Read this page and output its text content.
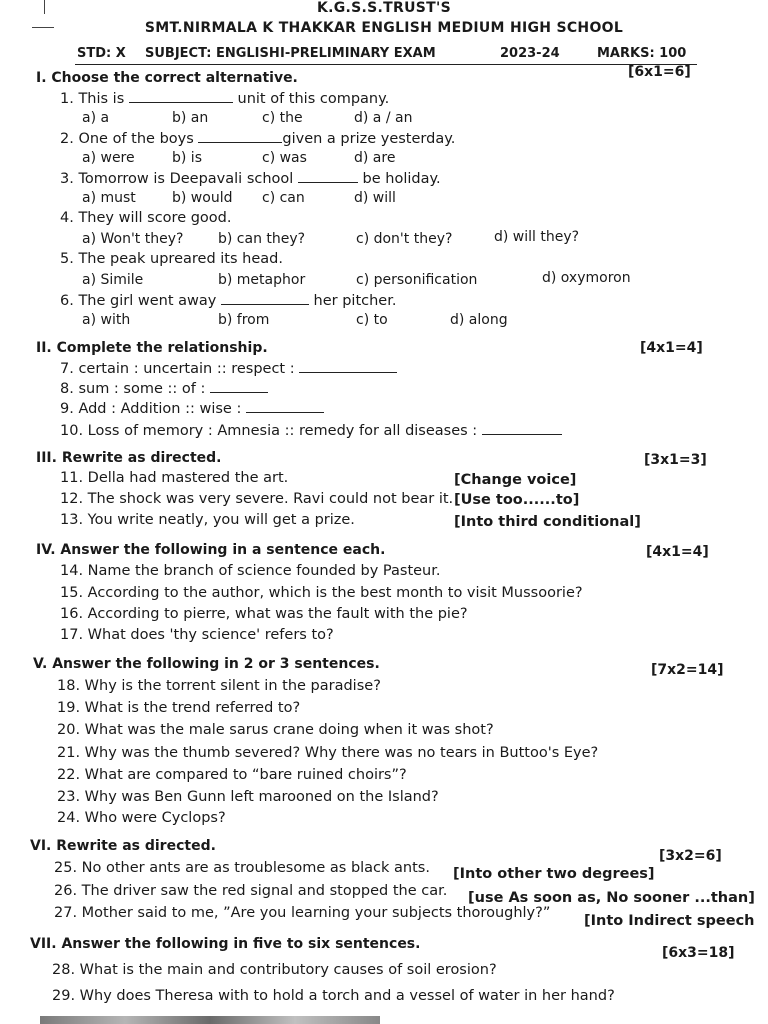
K.G.S.S.TRUST'S
SMT.NIRMALA K THAKKAR ENGLISH MEDIUM HIGH SCHOOL
STD: X SUBJECT: ENGLISH I-PRELIMINARY EXAM	2023-24	MARKS: 100
I. Choose the correct alternative.	[6x1=6]
1. This is	unit of this company.
a) a	b) an	c) the	d) a / an
2. One of the boys	given a prize yesterday.
a) were	b) is	c) was	d) are
3. Tomorrow is Deepavali school	be holiday.
a) must	b) would c) can	d) will
4. They will score good.
a) Won't they? b) can they?	c) don't they?	d) will they?
5. The peak upreared its head.
a) Simile	b) metaphor	c) personification	d) oxymoron
6. The girl went away	her pitcher.
a) with	b) from	c) to	d) along
II. Complete the relationship.	[4x1=4]
7. certain : uncertain :: respect :
8. sum : some :: of :
9. Add : Addition :: wise :
10. Loss of memory : Amnesia :: remedy for all diseases :
III. Rewrite as directed.	[3x1=3]
11. Della had mastered the art.	[Change voice]
12. The shock was very severe. Ravi could not bear it. [Use too......to]
13. You write neatly, you will get a prize.	[Into third conditional]
IV. Answer the following in a sentence each.	[4x1=4]
14. Name the branch of science founded by Pasteur.
15. According to the author, which is the best month to visit Mussoorie?
16. According to pierre, what was the fault with the pie?
17. What does 'thy science' refers to?
V. Answer the following in 2 or 3 sentences.	[7x2=14]
18. Why is the torrent silent in the paradise?
19. What is the trend referred to?
20. What was the male sarus crane doing when it was shot?
21. Why was the thumb severed? Why there was no tears in Buttoo's Eye?
22. What are compared to “bare ruined choirs”?
23. Why was Ben Gunn left marooned on the Island?
24. Who were Cyclops?
VI. Rewrite as directed.
[3x2=6]
25. No other ants are as troublesome as black ants. [Into other two degrees]
26. The driver saw the red signal and stopped the car. [use As soon as, No sooner ...than]
27. Mother said to me, ”Are you learning your subjects thoroughly?” [Into Indirect speech
VII. Answer the following in five to six sentences.
[6x3=18]
28. What is the main and contributory causes of soil erosion?
29. Why does Theresa with to hold a torch and a vessel of water in her hand?
